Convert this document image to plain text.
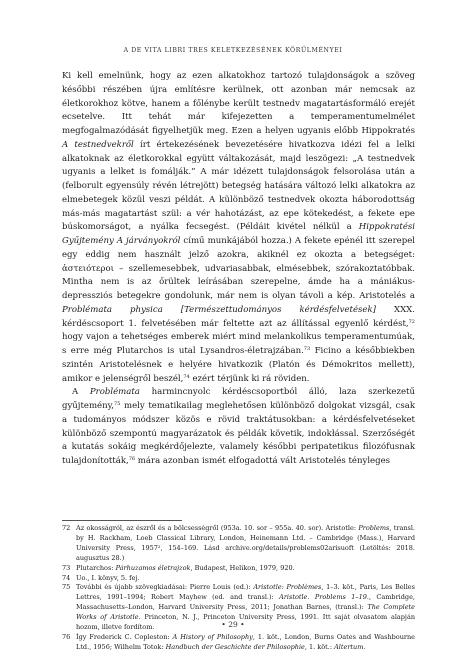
A DE VITA LIBRI TRES KELETKEZÉSÉNEK KÖRÜLMÉNYEI

Ki kell emelnünk, hogy az ezen alkatokhoz tartozó tulajdonságok a szöveg későbbi részében újra említésre kerülnek, ott azonban már nemcsak az életkorokhoz kötve, hanem a főlénybe került testnedv magatartásformáló erejét ecsetelve. Itt tehát már kifejezetten a temperamentumelmélet megfogalmazódását figyelhetjük meg. Ezen a helyen ugyanis előbb Hippokratés A testnedvekről írt értekezésének bevezetésére hivatkozva idézi fel a lelki alkatoknak az életkorokkal együtt váltakozását, majd leszögezi: „A testnedvek ugyanis a lelket is fomálják.” A már idézett tulajdonságok felsorolása után a (felborult egyensúly révén létrejött) betegség hatására változó lelki alkatokra az elmebetegek közül veszi példát. A különböző testnedvek okozta háborodottság más-más magatartást szül: a vér hahotázást, az epe kötekedést, a fekete epe búskomorságot, a nyálka fecsegést. (Példáit kivétel nélkül a Hippokratési Gyűjtemény A járványokról című munkájából hozza.) A fekete epénél itt szerepel egy eddig nem használt jelző azokra, akiknél ez okozta a betegséget: ἀστειότεροι – szellemesebbek, udvariasabbak, elmésebbek, szórakoztatóbbak. Mintha nem is az őrültek leírásában szerepelne, ámde ha a mániákus-depressziós betegekre gondolunk, már nem is olyan távoli a kép. Aristotelés a Problémata physica [Természettudományos kérdésfelvetések] XXX. kérdéscsoport 1. felvetésében már feltette azt az állítással egyenlő kérdést,$^{72}$ hogy vajon a tehetséges emberek miért mind melankolikus temperamentumúak, s erre még Plutarchos is utal Lysandros-életrajzában.$^{73}$ Ficino a későbbiekben szintén Aristotelésnek e helyére hivatkozik (Platón és Démokritos mellett), amikor e jelenségről beszél,$^{74}$ ezért térjünk ki rá röviden.

A Problémata harmincnyolc kérdéscsoportból álló, laza szerkezetű gyűjtemény,$^{75}$ mely tematikailag meglehetősen különböző dolgokat vizsgál, csak a tudományos módszer közös e rövid traktátusokban: a kérdésfelvetéseket különböző szempontú magyarázatok és példák követik, indokłással. Szerzőségét a kutatás sokáig megkérdőjelezte, valamely későbbi peripatetikus filozófusnak tulajdonították,$^{76}$ mára azonban ismét elfogadottá vált Aristotelés tényleges

72 Az okosságról, az észről és a bölcsességről (953a. 10. sor – 955a. 40. sor). Aristotle: Problems, transl. by H. Rackham, Loeb Classical Library, London, Heinemann Ltd. – Cambridge (Mass.), Harvard University Press, 1957², 154–169. Lásd archive.org/details/problems02arisuoft (Letöltés: 2018. augusztus 28.)
73 Plutarchos: Párhuzamos életrajzok, Budapest, Helikon, 1979, 920.
74 Uo., I. könyv, 5. fej.
75 További és újabb szövegkiadásai: Pierre Louis (ed.): Aristotle: Problèmes, 1–3. köt., Paris, Les Belles Lettres, 1991–1994; Robert Mayhew (ed. and transl.): Aristotle. Problems 1–19., Cambridge, Massachusetts–London, Harvard University Press, 2011; Jonathan Barnes, (transl.): The Complete Works of Aristotle. Princeton, N. J., Princeton University Press, 1991. Itt saját olvasatom alapján hozom, illetve fordítom.
76 Így Frederick C. Copleston: A History of Philosophy, 1. köt., London, Burns Oates and Washbourne Ltd., 1956; Wilhelm Totok: Handbuch der Geschichte der Philosophie, 1. köt.: Altertum.
• 29 •
